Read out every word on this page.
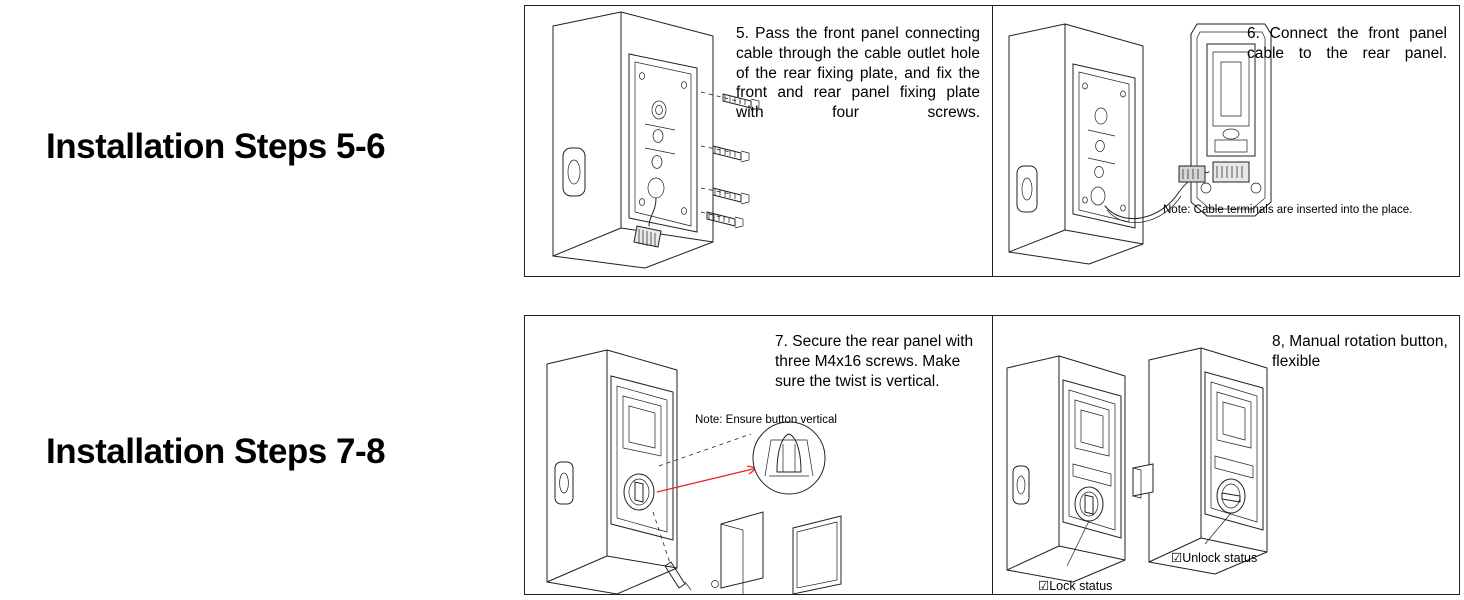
Installation Steps 5-6
Installation Steps 7-8
5. Pass the front panel connecting cable through the cable outlet hole of the rear fixing plate, and fix the front and rear panel fixing plate with four screws.
6. Connect the front panel cable to the rear panel.
Note: Cable terminals are inserted into the place.
Note: Ensure button vertical
☑Lock status
☑Unlock status
7. Secure the rear panel with three M4x16 screws. Make sure the twist is vertical.
8, Manual rotation button, flexible
